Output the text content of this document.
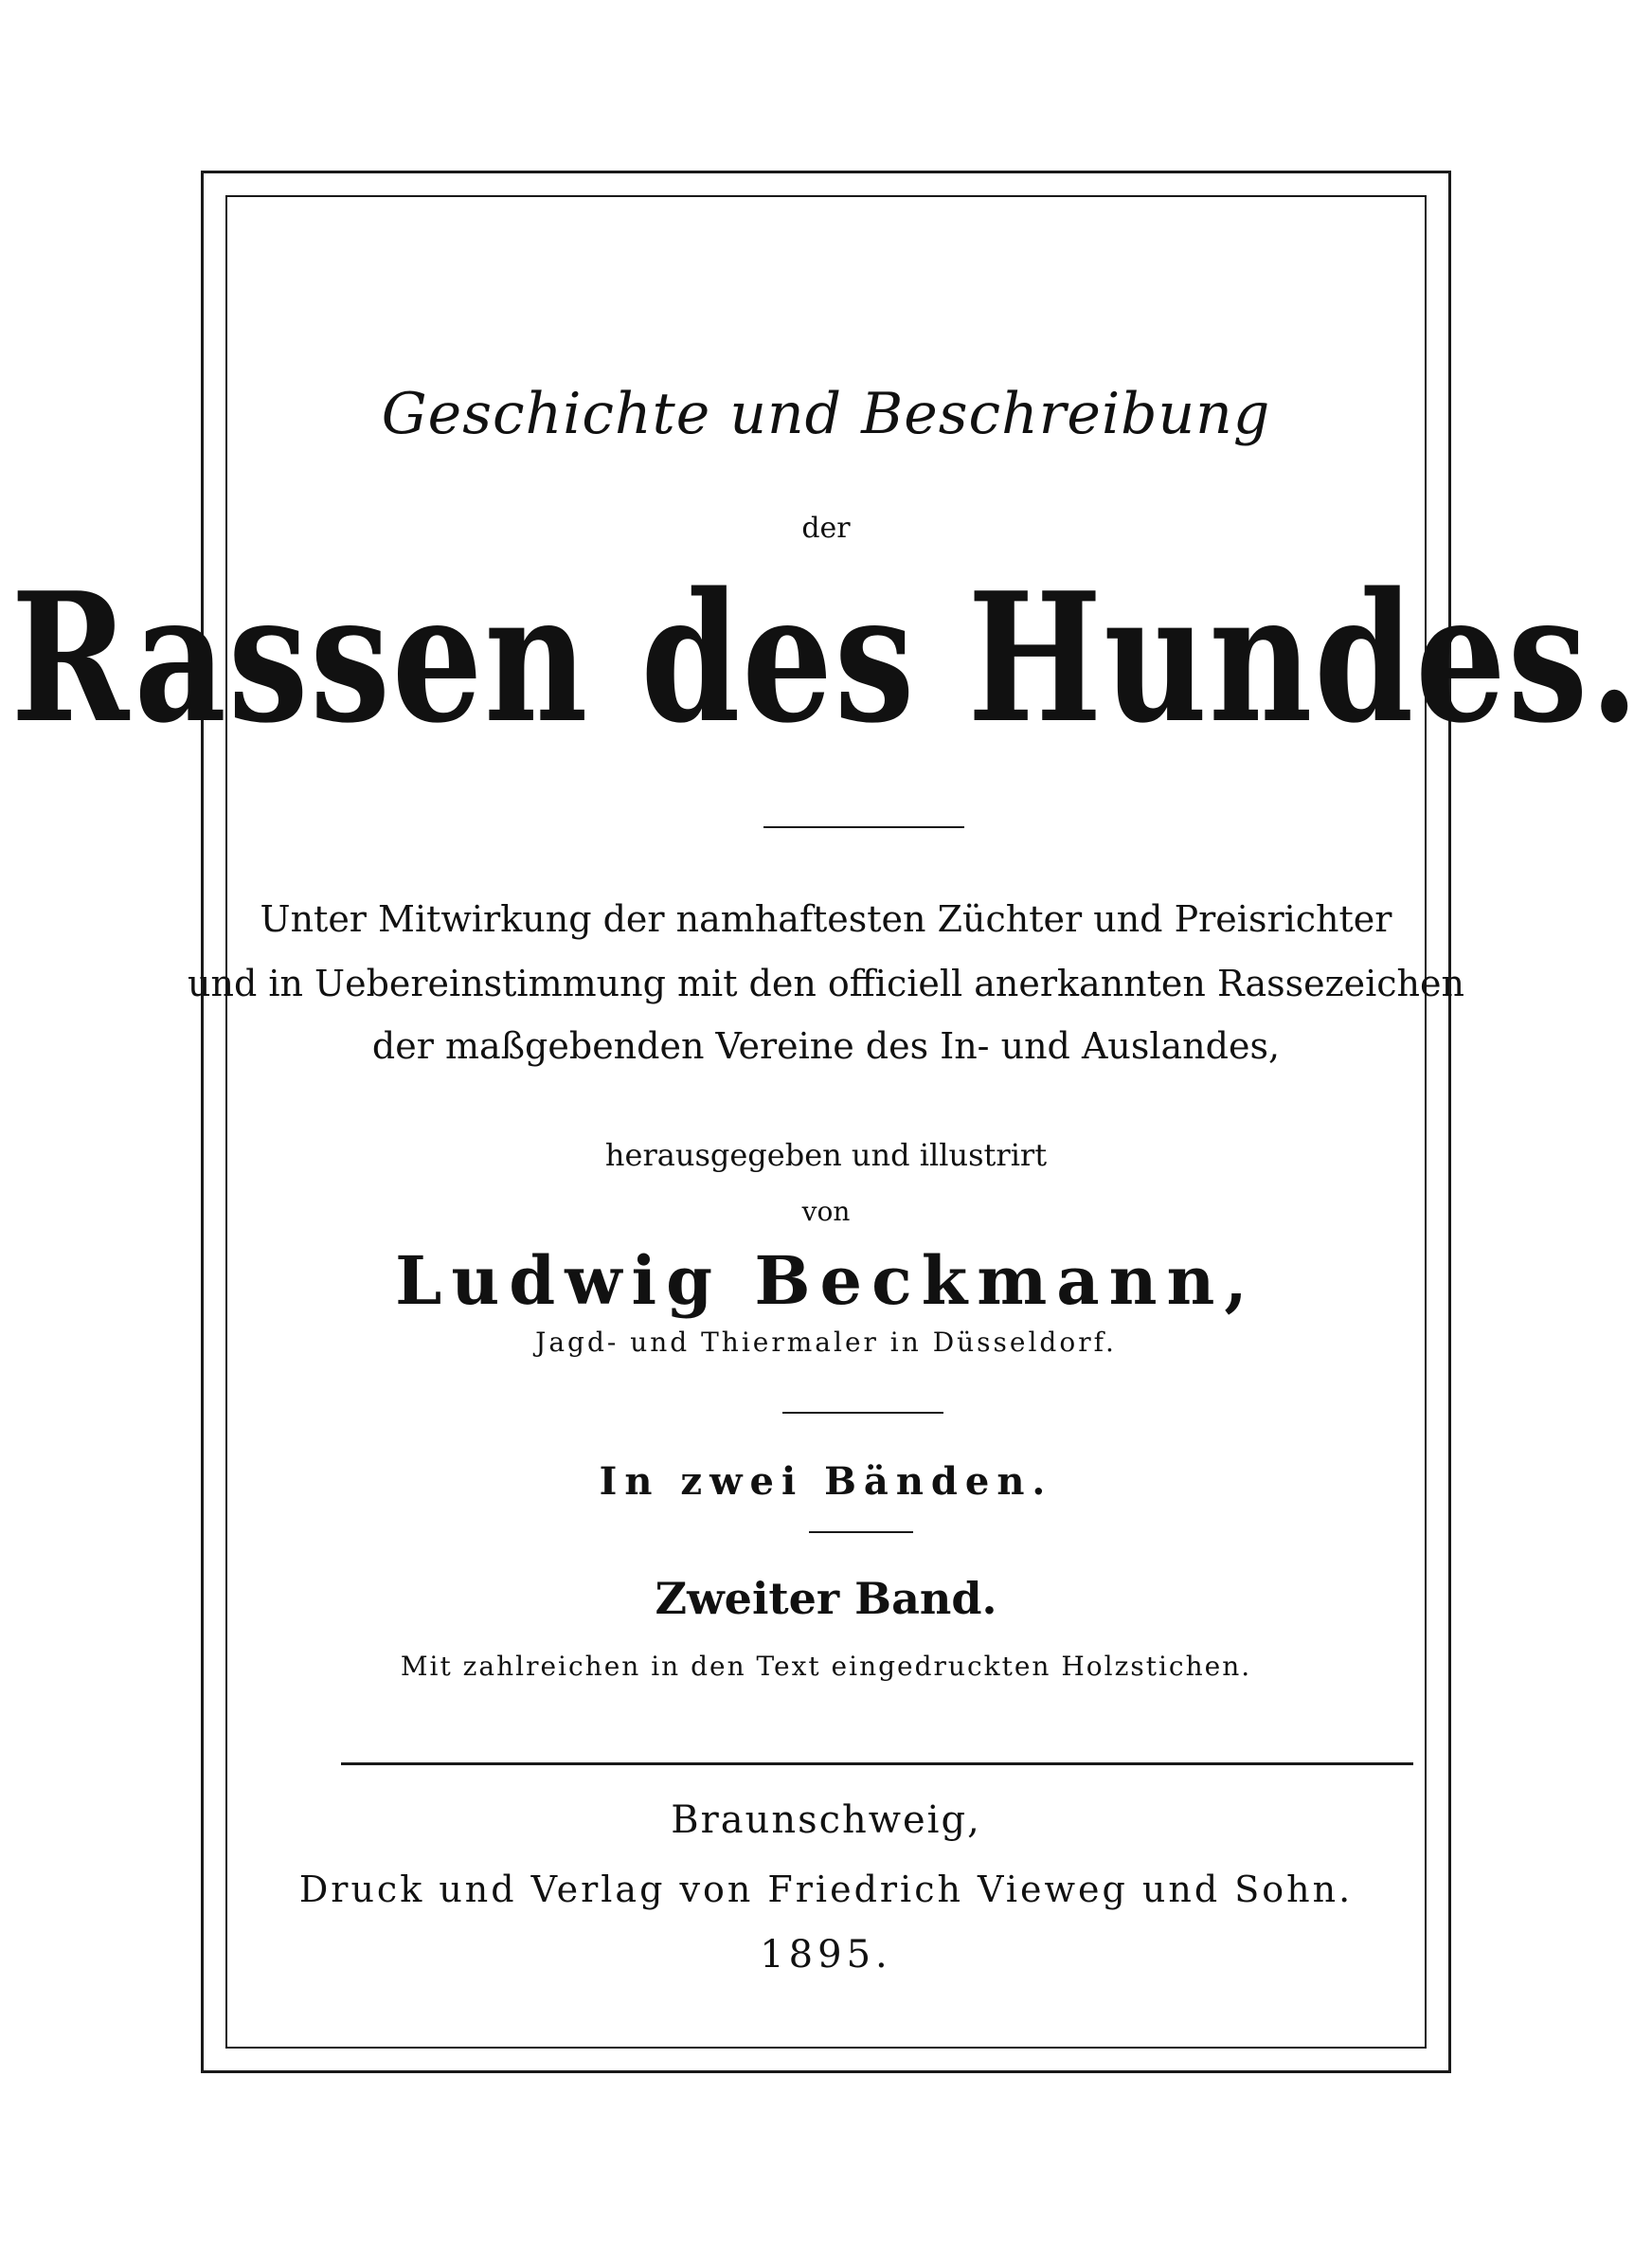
Geschichte und Beschreibung
der
Rassen des Hundes.
Unter Mitwirkung der namhaftesten Züchter und Preisrichter
und in Uebereinstimmung mit den officiell anerkannten Rassezeichen
der maßgebenden Vereine des In- und Auslandes,
herausgegeben und illustrirt
von
Ludwig Beckmann,
Jagd- und Thiermaler in Düsseldorf.
In zwei Bänden.
Zweiter Band.
Mit zahlreichen in den Text eingedruckten Holzstichen.
Braunschweig,
Druck und Verlag von Friedrich Vieweg und Sohn.
1895.
